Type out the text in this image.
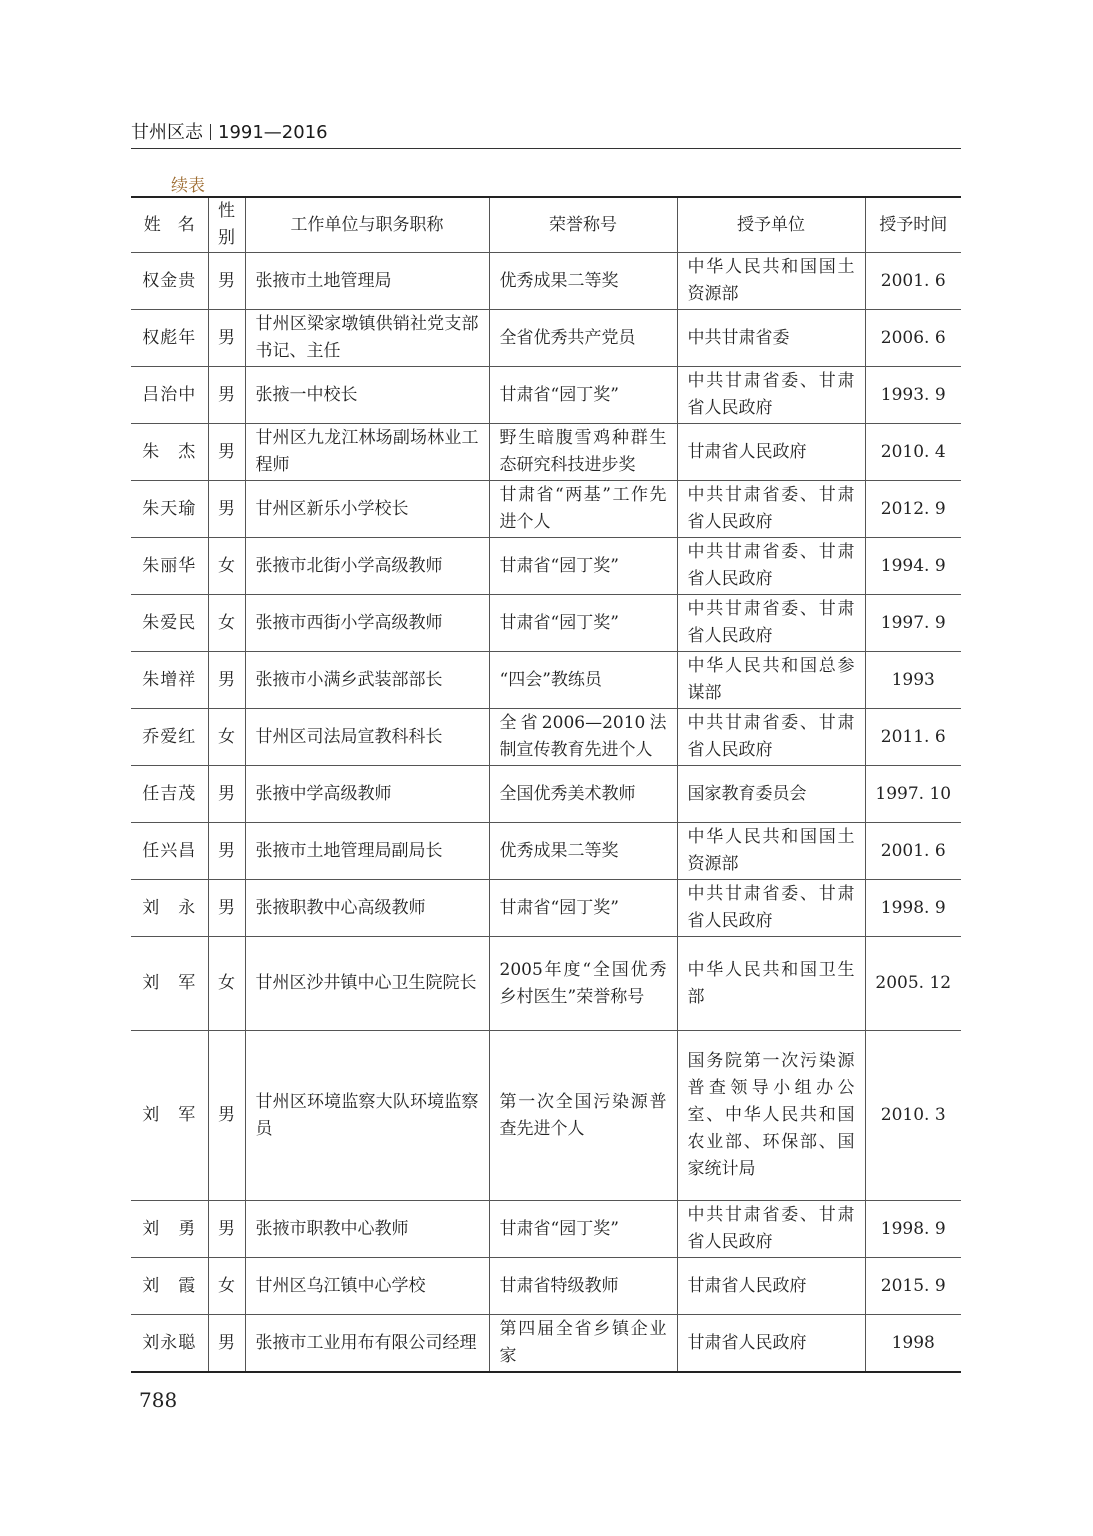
甘州区志 1991—2016
续表
姓　名	性别	工作单位与职务职称	荣誉称号	授予单位	授予时间
权金贵	男	张掖市土地管理局	优秀成果二等奖	中华人民共和国国土资源部	2001. 6
权彪年	男	甘州区梁家墩镇供销社党支部书记、主任	全省优秀共产党员	中共甘肃省委	2006. 6
吕治中	男	张掖一中校长	甘肃省“园丁奖”	中共甘肃省委、甘肃省人民政府	1993. 9
朱　杰	男	甘州区九龙江林场副场林业工程师	野生暗腹雪鸡种群生态研究科技进步奖	甘肃省人民政府	2010. 4
朱天瑜	男	甘州区新乐小学校长	甘肃省“两基”工作先进个人	中共甘肃省委、甘肃省人民政府	2012. 9
朱丽华	女	张掖市北街小学高级教师	甘肃省“园丁奖”	中共甘肃省委、甘肃省人民政府	1994. 9
朱爱民	女	张掖市西街小学高级教师	甘肃省“园丁奖”	中共甘肃省委、甘肃省人民政府	1997. 9
朱增祥	男	张掖市小满乡武装部部长	“四会”教练员	中华人民共和国总参谋部	1993
乔爱红	女	甘州区司法局宣教科科长	全省2006—2010法制宣传教育先进个人	中共甘肃省委、甘肃省人民政府	2011. 6
任吉茂	男	张掖中学高级教师	全国优秀美术教师	国家教育委员会	1997. 10
任兴昌	男	张掖市土地管理局副局长	优秀成果二等奖	中华人民共和国国土资源部	2001. 6
刘　永	男	张掖职教中心高级教师	甘肃省“园丁奖”	中共甘肃省委、甘肃省人民政府	1998. 9
刘　军	女	甘州区沙井镇中心卫生院院长	2005年度“全国优秀乡村医生”荣誉称号	中华人民共和国卫生部	2005. 12
刘　军	男	甘州区环境监察大队环境监察员	第一次全国污染源普查先进个人	国务院第一次污染源普查领导小组办公室、中华人民共和国农业部、环保部、国家统计局	2010. 3
刘　勇	男	张掖市职教中心教师	甘肃省“园丁奖”	中共甘肃省委、甘肃省人民政府	1998. 9
刘　霞	女	甘州区乌江镇中心学校	甘肃省特级教师	甘肃省人民政府	2015. 9
刘永聪	男	张掖市工业用布有限公司经理	第四届全省乡镇企业家	甘肃省人民政府	1998
788
